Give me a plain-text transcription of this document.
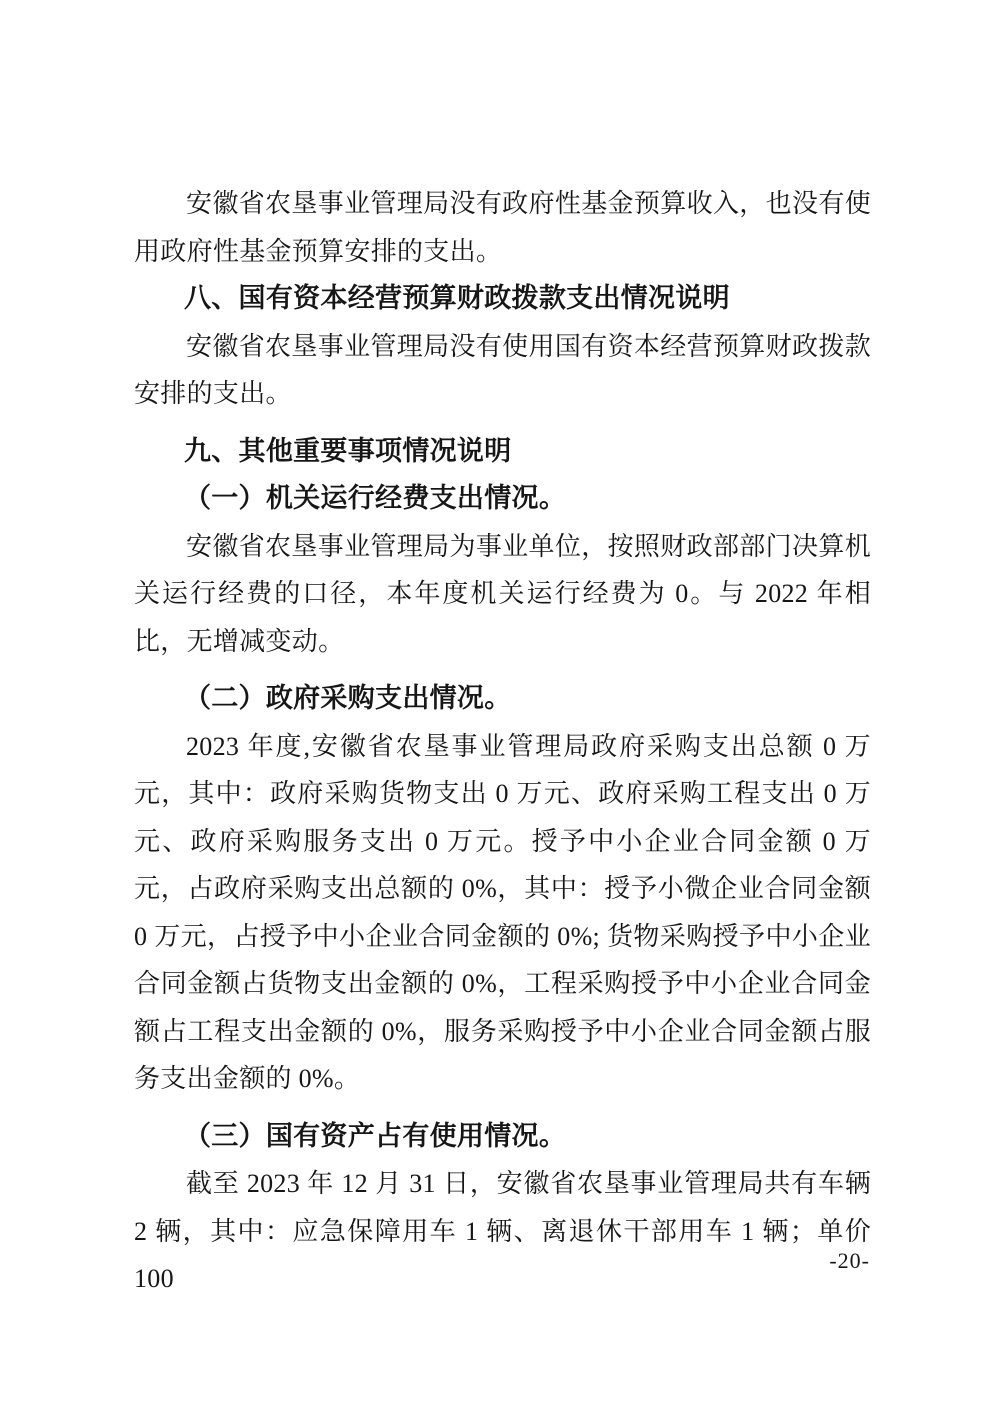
安徽省农垦事业管理局没有政府性基金预算收入，也没有使用政府性基金预算安排的支出。

八、国有资本经营预算财政拨款支出情况说明

安徽省农垦事业管理局没有使用国有资本经营预算财政拨款安排的支出。

九、其他重要事项情况说明
（一）机关运行经费支出情况。

安徽省农垦事业管理局为事业单位，按照财政部部门决算机关运行经费的口径，本年度机关运行经费为 0。与 2022 年相比，无增减变动。

（二）政府采购支出情况。

2023 年度,安徽省农垦事业管理局政府采购支出总额 0 万元，其中：政府采购货物支出 0 万元、政府采购工程支出 0 万元、政府采购服务支出 0 万元。授予中小企业合同金额 0 万元，占政府采购支出总额的 0%，其中：授予小微企业合同金额 0 万元，占授予中小企业合同金额的 0%; 货物采购授予中小企业合同金额占货物支出金额的 0%，工程采购授予中小企业合同金额占工程支出金额的 0%，服务采购授予中小企业合同金额占服务支出金额的 0%。

（三）国有资产占有使用情况。

截至 2023 年 12 月 31 日，安徽省农垦事业管理局共有车辆 2 辆，其中：应急保障用车 1 辆、离退休干部用车 1 辆；单价 100

-20-
